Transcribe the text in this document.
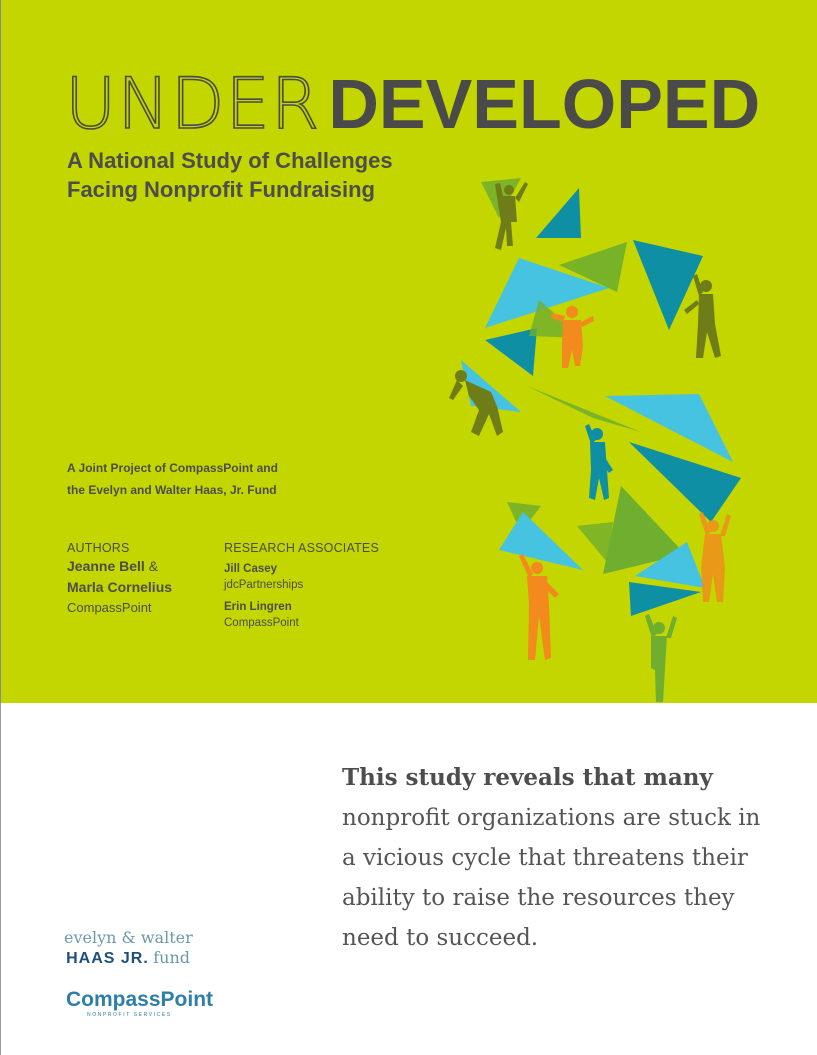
UNDER DEVELOPED
A National Study of Challenges
Facing Nonprofit Fundraising
A Joint Project of CompassPoint and
the Evelyn and Walter Haas, Jr. Fund
AUTHORS
Jeanne Bell &
Marla Cornelius
CompassPoint
RESEARCH ASSOCIATES
Jill Casey
jdcPartnerships
Erin Lingren
CompassPoint
This study reveals that many nonprofit organizations are stuck in a vicious cycle that threatens their ability to raise the resources they need to succeed.
evelyn & walter
HAAS JR. fund
CompassPoint
NONPROFIT SERVICES
